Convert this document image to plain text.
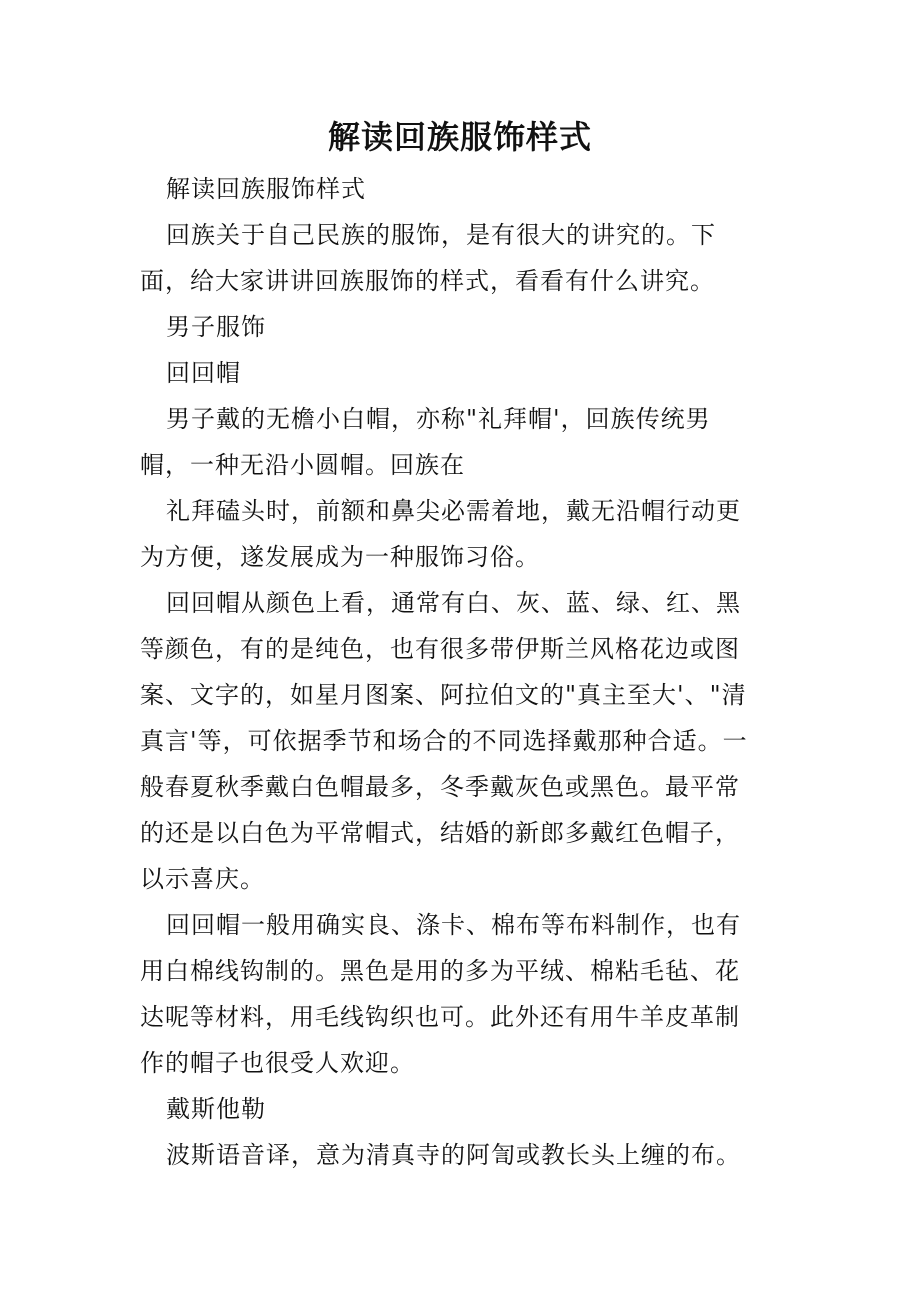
解读回族服饰样式

解读回族服饰样式

回族关于自己民族的服饰，是有很大的讲究的。下面，给大家讲讲回族服饰的样式，看看有什么讲究。

男子服饰

回回帽

男子戴的无檐小白帽，亦称"礼拜帽'，回族传统男帽，一种无沿小圆帽。回族在

礼拜磕头时，前额和鼻尖必需着地，戴无沿帽行动更为方便，遂发展成为一种服饰习俗。

回回帽从颜色上看，通常有白、灰、蓝、绿、红、黑等颜色，有的是纯色，也有很多带伊斯兰风格花边或图案、文字的，如星月图案、阿拉伯文的"真主至大'、"清真言'等，可依据季节和场合的不同选择戴那种合适。一般春夏秋季戴白色帽最多，冬季戴灰色或黑色。最平常的还是以白色为平常帽式，结婚的新郎多戴红色帽子，以示喜庆。

回回帽一般用确实良、涤卡、棉布等布料制作，也有用白棉线钩制的。黑色是用的多为平绒、棉粘毛毡、花达呢等材料，用毛线钩织也可。此外还有用牛羊皮革制作的帽子也很受人欢迎。

戴斯他勒

波斯语音译，意为清真寺的阿訇或教长头上缠的布。
